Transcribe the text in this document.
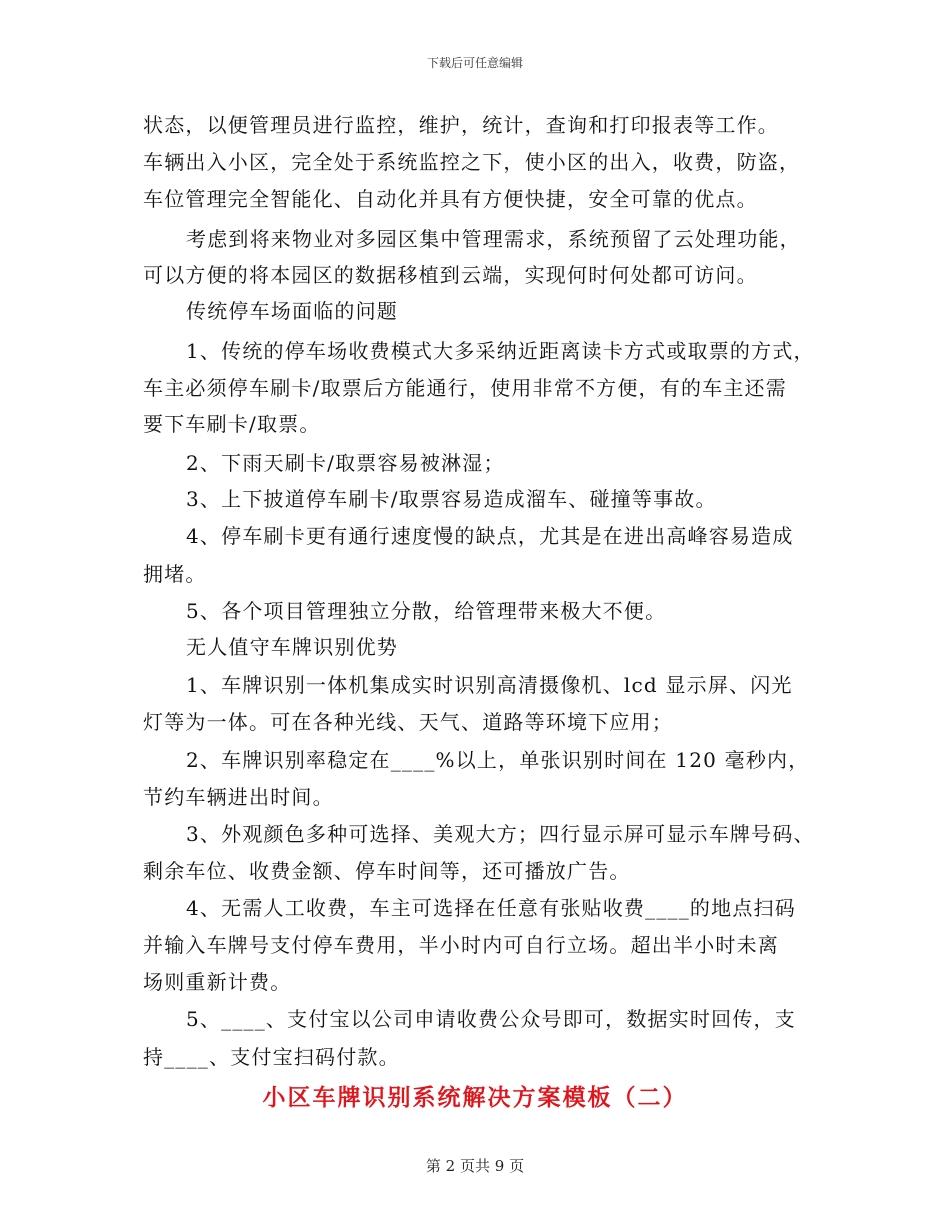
下载后可任意编辑
状态，以便管理员进行监控，维护，统计，查询和打印报表等工作。
车辆出入小区，完全处于系统监控之下，使小区的出入，收费，防盗，
车位管理完全智能化、自动化并具有方便快捷，安全可靠的优点。
考虑到将来物业对多园区集中管理需求，系统预留了云处理功能，
可以方便的将本园区的数据移植到云端，实现何时何处都可访问。
传统停车场面临的问题
1、传统的停车场收费模式大多采纳近距离读卡方式或取票的方式，
车主必须停车刷卡/取票后方能通行，使用非常不方便，有的车主还需
要下车刷卡/取票。
2、下雨天刷卡/取票容易被淋湿；
3、上下披道停车刷卡/取票容易造成溜车、碰撞等事故。
4、停车刷卡更有通行速度慢的缺点，尤其是在进出高峰容易造成
拥堵。
5、各个项目管理独立分散，给管理带来极大不便。
无人值守车牌识别优势
1、车牌识别一体机集成实时识别高清摄像机、lcd 显示屏、闪光
灯等为一体。可在各种光线、天气、道路等环境下应用；
2、车牌识别率稳定在____%以上，单张识别时间在 120 毫秒内，
节约车辆进出时间。
3、外观颜色多种可选择、美观大方；四行显示屏可显示车牌号码、
剩余车位、收费金额、停车时间等，还可播放广告。
4、无需人工收费，车主可选择在任意有张贴收费____的地点扫码
并输入车牌号支付停车费用，半小时内可自行立场。超出半小时未离
场则重新计费。
5、____、支付宝以公司申请收费公众号即可，数据实时回传，支
持____、支付宝扫码付款。
小区车牌识别系统解决方案模板（二）
第 2 页共 9 页
